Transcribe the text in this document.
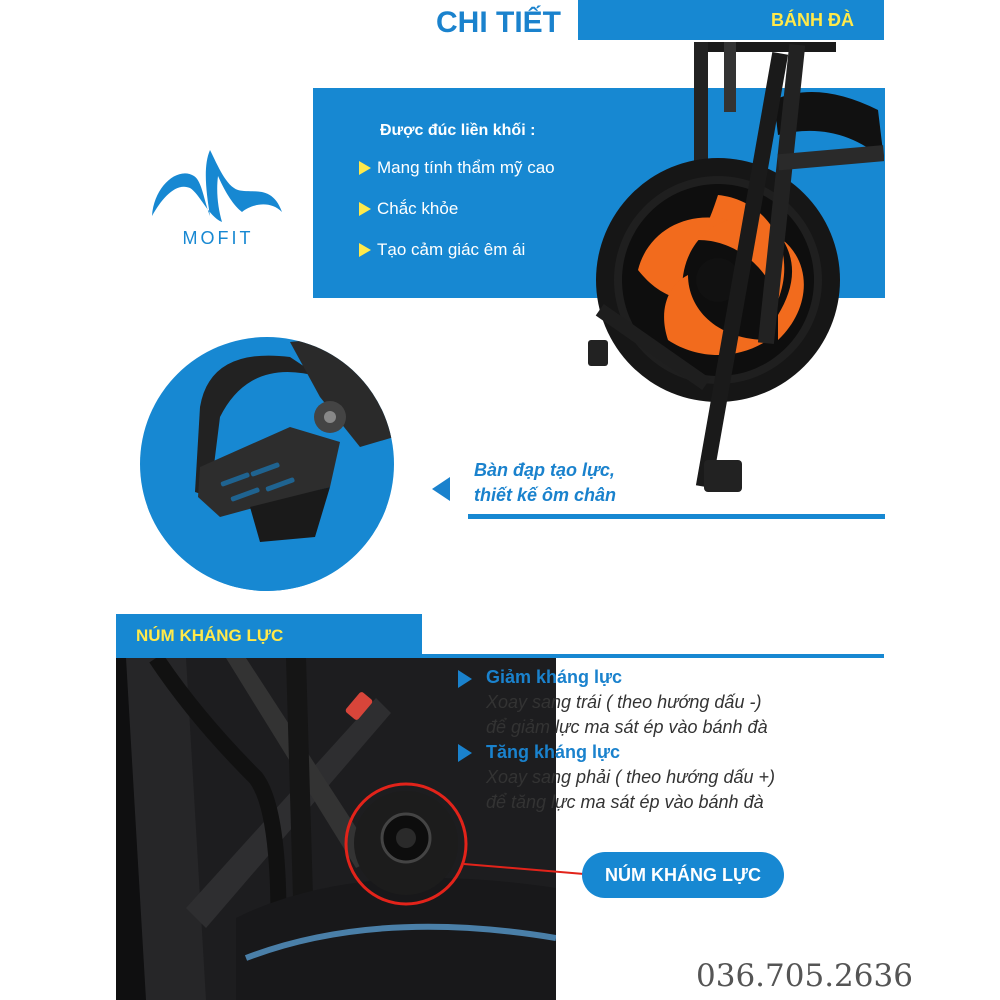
CHI TIẾT	BÁNH ĐÀ
Được đúc liền khối :
Mang tính thẩm mỹ cao
Chắc khỏe
Tạo cảm giác êm ái
MOFIT
Bàn đạp tạo lực,
thiết kế ôm chân
NÚM KHÁNG LỰC
Giảm kháng lực
Xoay sang trái ( theo hướng dấu -)
để giảm lực ma sát ép vào bánh đà
Tăng kháng lực
Xoay sang phải ( theo hướng dấu +)
để tăng lực ma sát ép vào bánh đà
NÚM KHÁNG LỰC
036.705.2636
